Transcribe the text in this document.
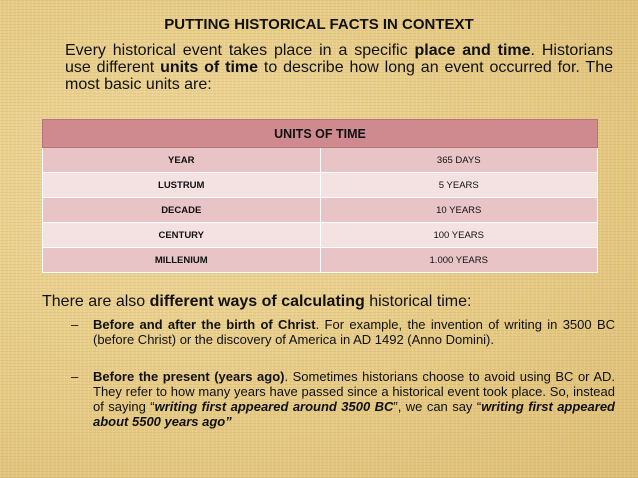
PUTTING HISTORICAL FACTS IN CONTEXT
Every historical event takes place in a specific place and time. Historians use different units of time to describe how long an event occurred for. The most basic units are:
UNITS OF TIME	
YEAR	365 DAYS
LUSTRUM	5 YEARS
DECADE	10 YEARS
CENTURY	100 YEARS
MILLENIUM	1.000 YEARS
There are also different ways of calculating historical time:
– Before and after the birth of Christ. For example, the invention of writing in 3500 BC (before Christ) or the discovery of America in AD 1492 (Anno Domini).
– Before the present (years ago). Sometimes historians choose to avoid using BC or AD. They refer to how many years have passed since a historical event took place. So, instead of saying “writing first appeared around 3500 BC”, we can say “writing first appeared about 5500 years ago”
